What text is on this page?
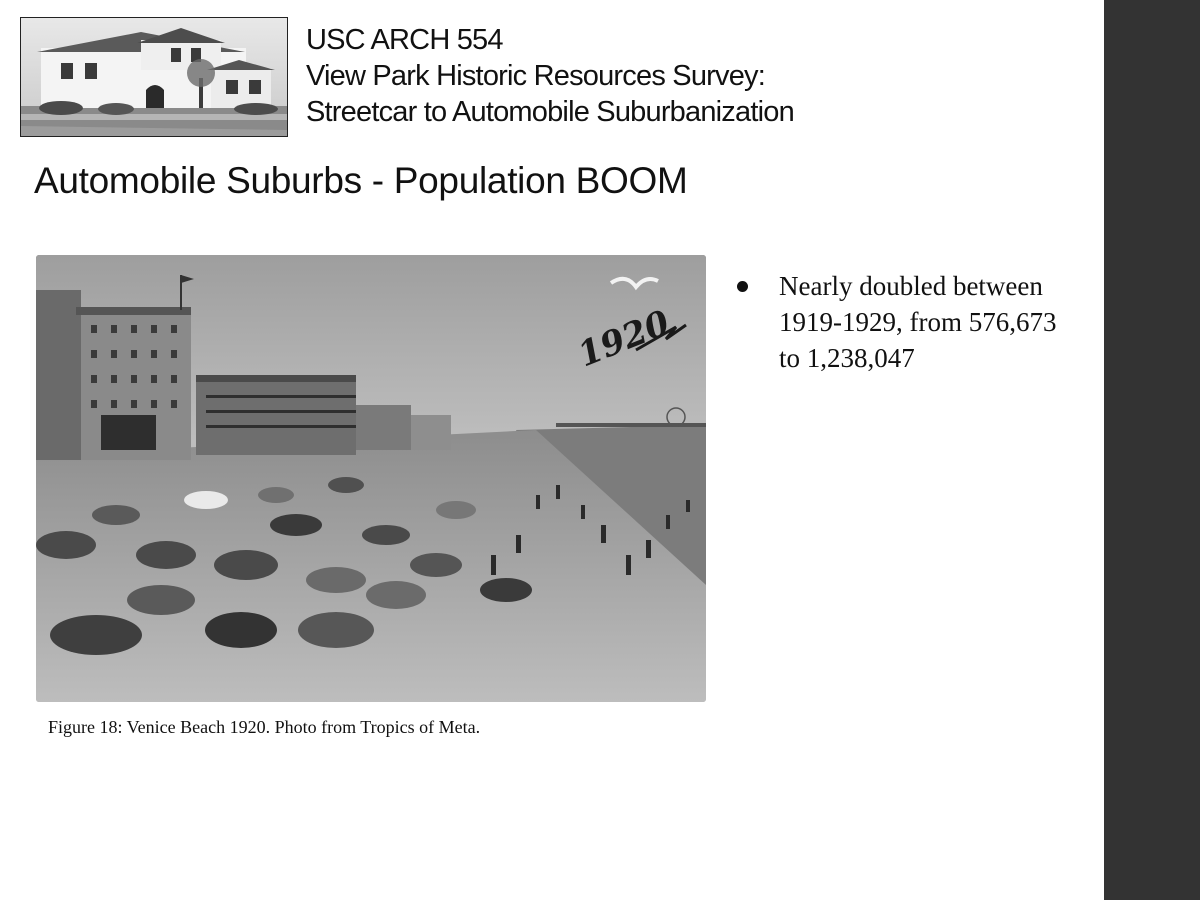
USC ARCH 554
View Park Historic Resources Survey:
Streetcar to Automobile Suburbanization
Automobile Suburbs - Population BOOM
1920
Figure 18: Venice Beach 1920. Photo from Tropics of Meta.
Nearly doubled between 1919-1929, from 576,673 to 1,238,047
